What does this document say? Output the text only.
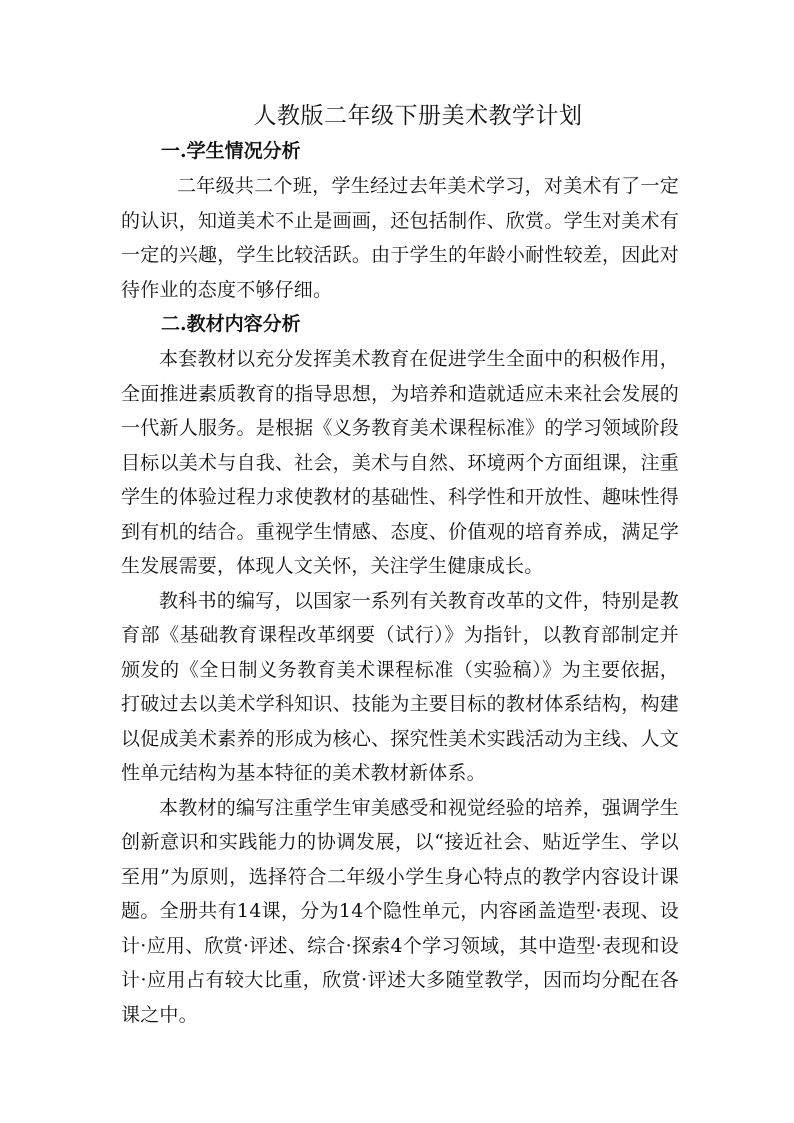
人教版二年级下册美术教学计划
一.学生情况分析

二年级共二个班，学生经过去年美术学习，对美术有了一定的认识，知道美术不止是画画，还包括制作、欣赏。学生对美术有一定的兴趣，学生比较活跃。由于学生的年龄小耐性较差，因此对待作业的态度不够仔细。

二.教材内容分析

本套教材以充分发挥美术教育在促进学生全面中的积极作用，全面推进素质教育的指导思想，为培养和造就适应未来社会发展的一代新人服务。是根据《义务教育美术课程标准》的学习领域阶段目标以美术与自我、社会，美术与自然、环境两个方面组课，注重学生的体验过程力求使教材的基础性、科学性和开放性、趣味性得到有机的结合。重视学生情感、态度、价值观的培育养成，满足学生发展需要，体现人文关怀，关注学生健康成长。

教科书的编写，以国家一系列有关教育改革的文件，特别是教育部《基础教育课程改革纲要（试行）》为指针，以教育部制定并颁发的《全日制义务教育美术课程标准（实验稿）》为主要依据，打破过去以美术学科知识、技能为主要目标的教材体系结构，构建以促成美术素养的形成为核心、探究性美术实践活动为主线、人文性单元结构为基本特征的美术教材新体系。

本教材的编写注重学生审美感受和视觉经验的培养，强调学生创新意识和实践能力的协调发展，以“接近社会、贴近学生、学以至用”为原则，选择符合二年级小学生身心特点的教学内容设计课题。全册共有14课，分为14个隐性单元，内容函盖造型·表现、设计·应用、欣赏·评述、综合·探索4个学习领域，其中造型·表现和设计·应用占有较大比重，欣赏·评述大多随堂教学，因而均分配在各课之中。
